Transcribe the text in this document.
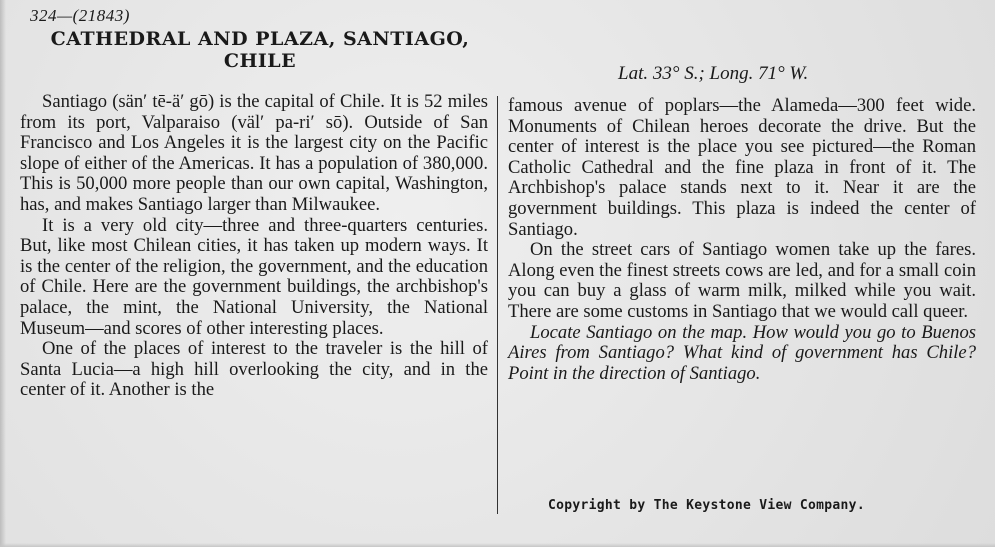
324—(21843)
CATHEDRAL AND PLAZA, SANTIAGO,
CHILE
Lat. 33° S.; Long. 71° W.

Santiago (sän′ tē-ä′ gō) is the capital of Chile. It is 52 miles from its port, Valparaiso (väl′ pa-ri′ sō). Outside of San Francisco and Los Angeles it is the largest city on the Pacific slope of either of the Americas. It has a population of 380,000. This is 50,000 more people than our own capital, Washington, has, and makes Santiago larger than Milwaukee.

It is a very old city—three and three-quarters centuries. But, like most Chilean cities, it has taken up modern ways. It is the center of the religion, the government, and the education of Chile. Here are the government buildings, the archbishop's palace, the mint, the National University, the National Museum—and scores of other interesting places.

One of the places of interest to the traveler is the hill of Santa Lucia—a high hill overlooking the city, and in the center of it. Another is the

famous avenue of poplars—the Alameda—300 feet wide. Monuments of Chilean heroes decorate the drive. But the center of interest is the place you see pictured—the Roman Catholic Cathedral and the fine plaza in front of it. The Archbishop's palace stands next to it. Near it are the government buildings. This plaza is indeed the center of Santiago.

On the street cars of Santiago women take up the fares. Along even the finest streets cows are led, and for a small coin you can buy a glass of warm milk, milked while you wait. There are some customs in Santiago that we would call queer.

Locate Santiago on the map. How would you go to Buenos Aires from Santiago? What kind of government has Chile? Point in the direction of Santiago.

Copyright by The Keystone View Company.
